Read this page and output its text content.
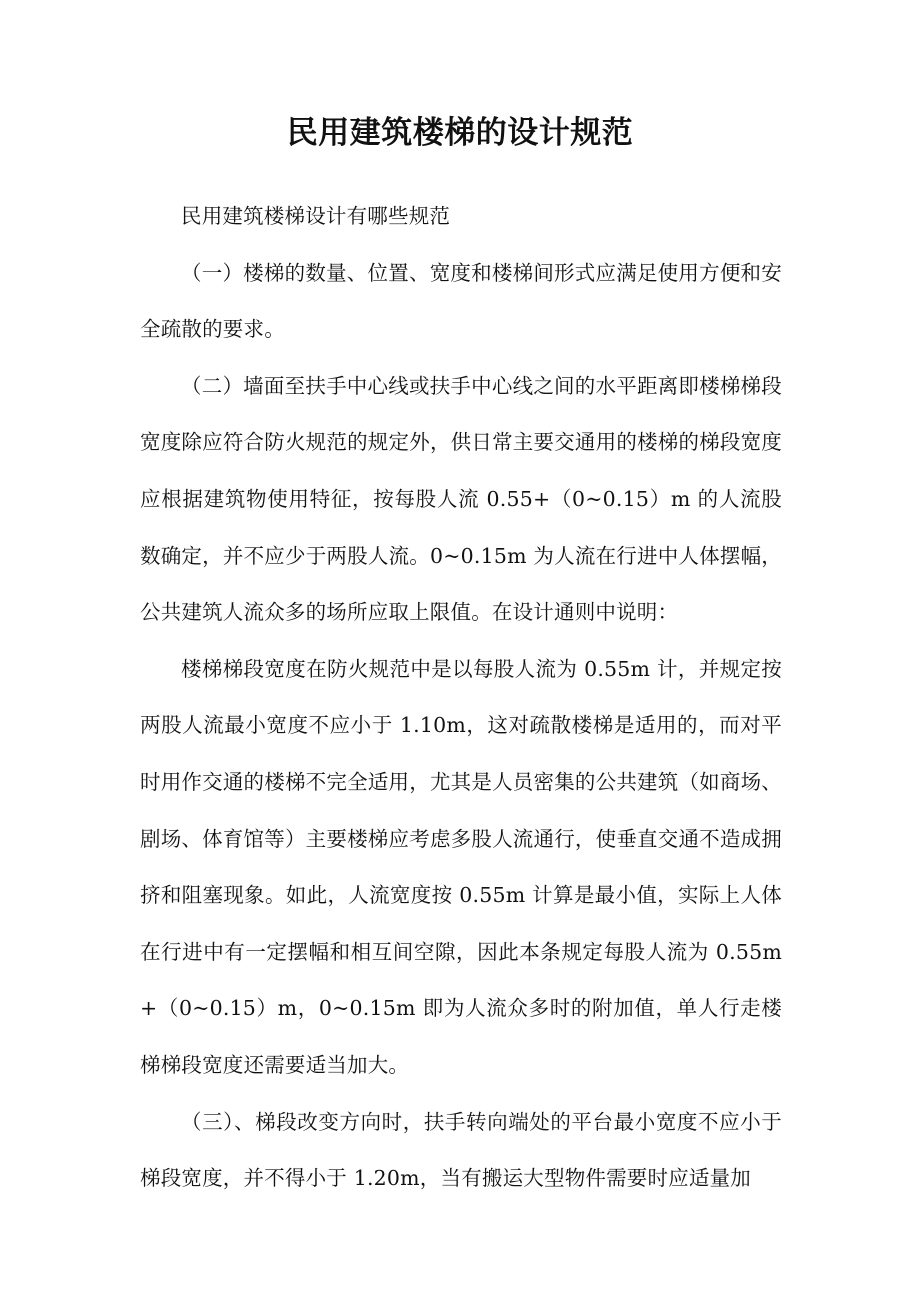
民用建筑楼梯的设计规范

民用建筑楼梯设计有哪些规范

（一）楼梯的数量、位置、宽度和楼梯间形式应满足使用方便和安全疏散的要求。

（二）墙面至扶手中心线或扶手中心线之间的水平距离即楼梯梯段宽度除应符合防火规范的规定外，供日常主要交通用的楼梯的梯段宽度应根据建筑物使用特征，按每股人流 0.55+（0~0.15）m 的人流股数确定，并不应少于两股人流。0~0.15m 为人流在行进中人体摆幅，公共建筑人流众多的场所应取上限值。在设计通则中说明：

楼梯梯段宽度在防火规范中是以每股人流为 0.55m 计，并规定按两股人流最小宽度不应小于 1.10m，这对疏散楼梯是适用的，而对平时用作交通的楼梯不完全适用，尤其是人员密集的公共建筑（如商场、剧场、体育馆等）主要楼梯应考虑多股人流通行，使垂直交通不造成拥挤和阻塞现象。如此，人流宽度按 0.55m 计算是最小值，实际上人体在行进中有一定摆幅和相互间空隙，因此本条规定每股人流为 0.55m+（0~0.15）m，0~0.15m 即为人流众多时的附加值，单人行走楼梯梯段宽度还需要适当加大。

（三）、梯段改变方向时，扶手转向端处的平台最小宽度不应小于梯段宽度，并不得小于 1.20m，当有搬运大型物件需要时应适量加
